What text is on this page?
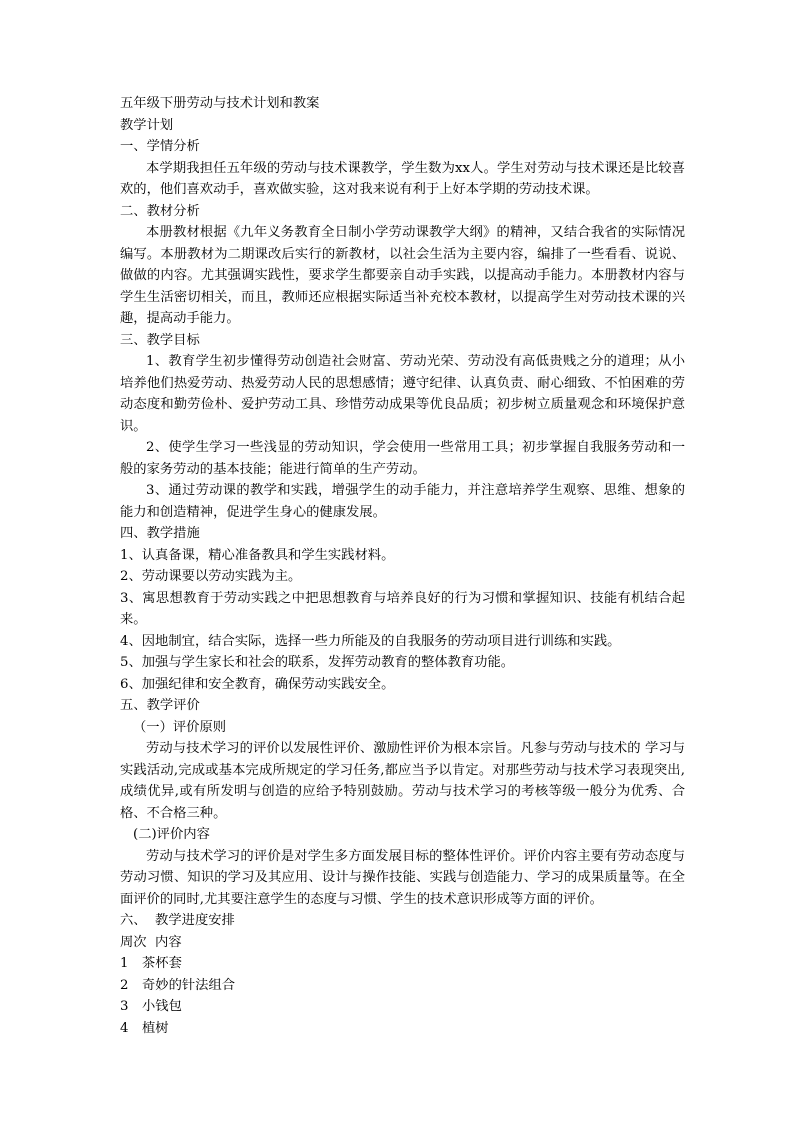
五年级下册劳动与技术计划和教案

教学计划

一、学情分析

本学期我担任五年级的劳动与技术课教学，学生数为xx人。学生对劳动与技术课还是比较喜欢的，他们喜欢动手，喜欢做实验，这对我来说有利于上好本学期的劳动技术课。

二、教材分析

本册教材根据《九年义务教育全日制小学劳动课教学大纲》的精神，又结合我省的实际情况编写。本册教材为二期课改后实行的新教材，以社会生活为主要内容，编排了一些看看、说说、做做的内容。尤其强调实践性，要求学生都要亲自动手实践，以提高动手能力。本册教材内容与学生生活密切相关，而且，教师还应根据实际适当补充校本教材，以提高学生对劳动技术课的兴趣，提高动手能力。

三、教学目标

1、教育学生初步懂得劳动创造社会财富、劳动光荣、劳动没有高低贵贱之分的道理；从小培养他们热爱劳动、热爱劳动人民的思想感情；遵守纪律、认真负责、耐心细致、不怕困难的劳动态度和勤劳俭朴、爱护劳动工具、珍惜劳动成果等优良品质；初步树立质量观念和环境保护意识。

2、使学生学习一些浅显的劳动知识，学会使用一些常用工具；初步掌握自我服务劳动和一般的家务劳动的基本技能；能进行简单的生产劳动。

3、通过劳动课的教学和实践，增强学生的动手能力，并注意培养学生观察、思维、想象的能力和创造精神，促进学生身心的健康发展。

四、教学措施

1、认真备课，精心准备教具和学生实践材料。

2、劳动课要以劳动实践为主。

3、寓思想教育于劳动实践之中把思想教育与培养良好的行为习惯和掌握知识、技能有机结合起来。

4、因地制宜，结合实际，选择一些力所能及的自我服务的劳动项目进行训练和实践。

5、加强与学生家长和社会的联系，发挥劳动教育的整体教育功能。

6、加强纪律和安全教育，确保劳动实践安全。

五、教学评价

（一）评价原则

劳动与技术学习的评价以发展性评价、激励性评价为根本宗旨。凡参与劳动与技术的 学习与实践活动,完成或基本完成所规定的学习任务,都应当予以肯定。对那些劳动与技术学习表现突出,成绩优异,或有所发明与创造的应给予特别鼓励。劳动与技术学习的考核等级一般分为优秀、合格、不合格三种。

(二)评价内容

劳动与技术学习的评价是对学生多方面发展目标的整体性评价。评价内容主要有劳动态度与劳动习惯、知识的学习及其应用、设计与操作技能、实践与创造能力、学习的成果质量等。在全面评价的同时,尤其要注意学生的态度与习惯、学生的技术意识形成等方面的评价。

六、  教学进度安排

周次  内容

1 茶杯套

2 奇妙的针法组合

3 小钱包

4 植树
